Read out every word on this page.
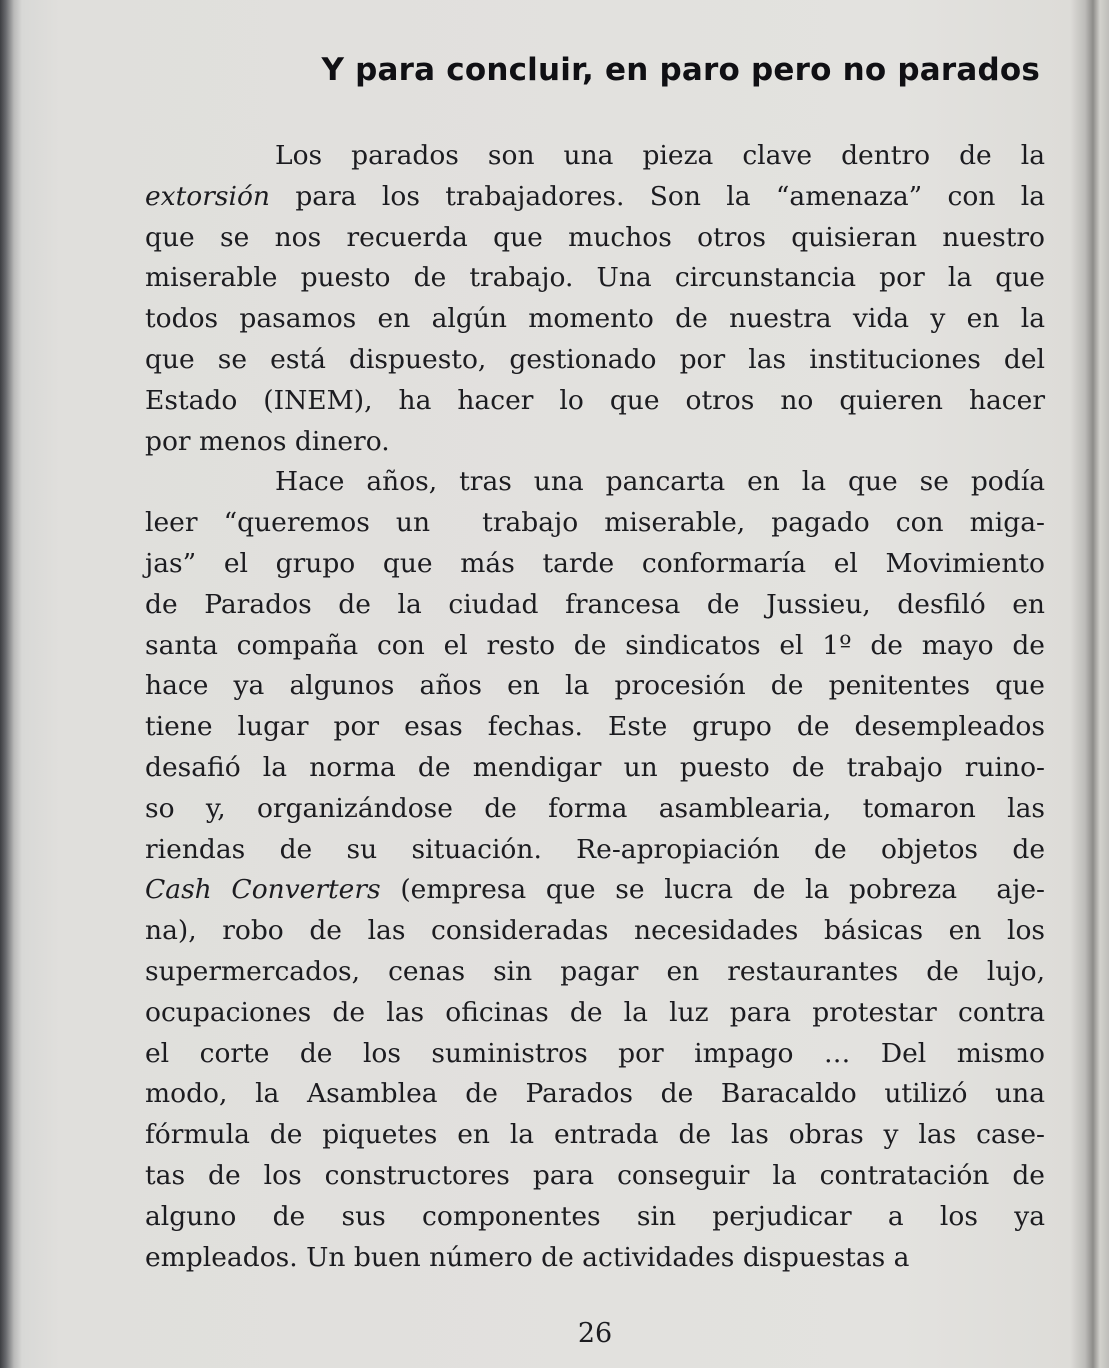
Y para concluir, en paro pero no parados
Los parados son una pieza clave dentro de la
extorsión para los trabajadores. Son la “amenaza” con la
que se nos recuerda que muchos otros quisieran nuestro
miserable puesto de trabajo. Una circunstancia por la que
todos pasamos en algún momento de nuestra vida y en la
que se está dispuesto, gestionado por las instituciones del
Estado (INEM), ha hacer lo que otros no quieren hacer
por menos dinero.
Hace años, tras una pancarta en la que se podía
leer “queremos un  trabajo miserable, pagado con miga-
jas” el grupo que más tarde conformaría el Movimiento
de Parados de la ciudad francesa de Jussieu, desfiló en
santa compaña con el resto de sindicatos el 1º de mayo de
hace ya algunos años en la procesión de penitentes que
tiene lugar por esas fechas. Este grupo de desempleados
desafió la norma de mendigar un puesto de trabajo ruino-
so y, organizándose de forma asamblearia, tomaron las
riendas de su situación. Re-apropiación de objetos de
Cash Converters (empresa que se lucra de la pobreza  aje-
na), robo de las consideradas necesidades básicas en los
supermercados, cenas sin pagar en restaurantes de lujo,
ocupaciones de las oficinas de la luz para protestar contra
el corte de los suministros por impago … Del mismo
modo, la Asamblea de Parados de Baracaldo utilizó una
fórmula de piquetes en la entrada de las obras y las case-
tas de los constructores para conseguir la contratación de
alguno de sus componentes sin perjudicar a los ya
empleados. Un buen número de actividades dispuestas a
26
